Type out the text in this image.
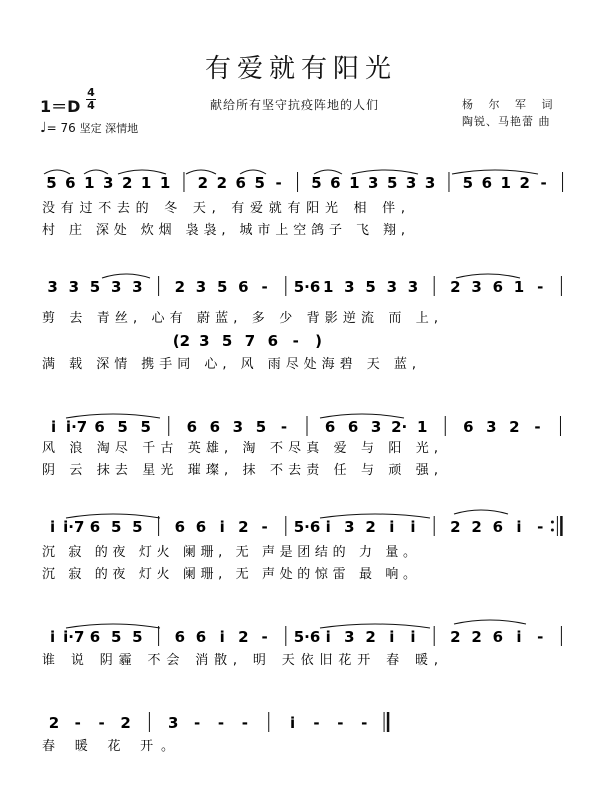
有爱就有阳光
1＝D
4
4
♩= 76 坚定 深情地
献给所有坚守抗疫阵地的人们	杨 尔 军 词
陶锐、马艳蕾 曲
5 6 1 3 2 1 1 2 2 6 5 - 5 6 1 3 5 3 3 5 6 1 2 -
没有过不去的 冬 天, 有爱就有阳光 相 伴,
村 庄 深处 炊烟 袅袅, 城市上空鸽子 飞 翔,
3 3 5 3 3 2 3 5 6 - 5·6 1 3 5 3 3 2 3 6 1 -
剪 去 青丝, 心有 蔚蓝, 多 少 背影逆流 而 上,
(2 3 5 7 6 - )
满 载 深情 携手同 心, 风 雨尽处海碧 天 蓝,
i i·7 6 5 5 6 6 3 5 -	6 6 3 2· 1 6 3 2 -
风 浪 淘尽 千古 英雄, 淘 不尽真 爱 与 阳 光,
阴 云 抹去 星光 璀璨, 抹 不去责 任 与 顽 强,
i i·7 6 5 5 6 6 i 2 - 5·6 i 3 2 i i 2 2 6 i -
沉 寂 的夜 灯火 阑珊, 无 声是团结的 力 量。
沉 寂 的夜 灯火 阑珊, 无 声处的惊雷 最 响。
i i·7 6 5 5 6 6 i 2 - 5·6 i 3 2 i i 2 2 6 i -
谁 说 阴霾 不会 消散, 明 天依旧花开 春 暖,
2 - - 2 3 - - -	i - - -
春 暖 花 开。
